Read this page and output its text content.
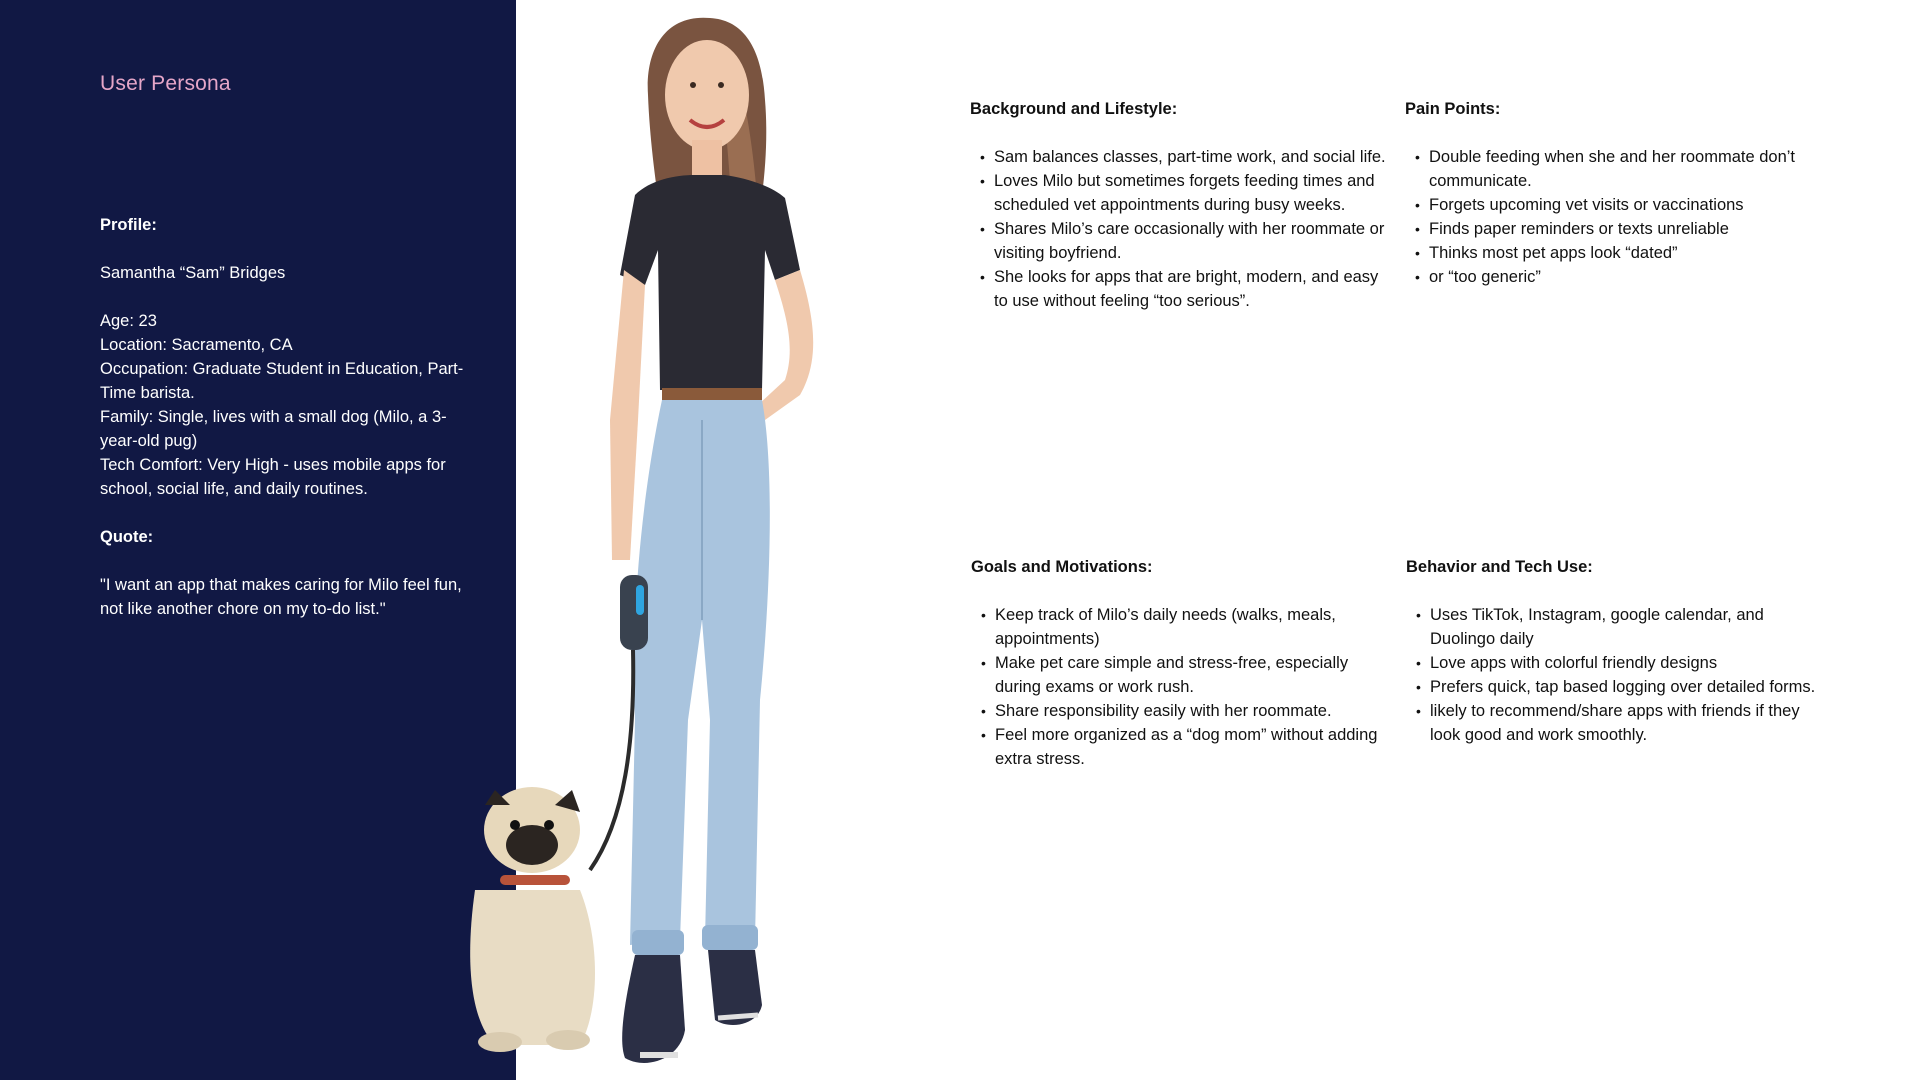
User Persona

Profile:

Samantha “Sam” Bridges

Age: 23

Location: Sacramento, CA

Occupation: Graduate Student in Education, Part-Time barista.

Family: Single, lives with a small dog (Milo, a 3-year-old pug)

Tech Comfort: Very High - uses mobile apps for school, social life, and daily routines.

Quote:

"I want an app that makes caring for Milo feel fun, not like another chore on my to-do list."

Background and Lifestyle:

• Sam balances classes, part-time work, and social life.
• Loves Milo but sometimes forgets feeding times and scheduled vet appointments during busy weeks.
• Shares Milo’s care occasionally with her roommate or visiting boyfriend.
• She looks for apps that are bright, modern, and easy to use without feeling “too serious”.

Pain Points:

• Double feeding when she and her roommate don’t communicate.
• Forgets upcoming vet visits or vaccinations
• Finds paper reminders or texts unreliable
• Thinks most pet apps look “dated”
• or “too generic”

Goals and Motivations:

• Keep track of Milo’s daily needs (walks, meals, appointments)
• Make pet care simple and stress-free, especially during exams or work rush.
• Share responsibility easily with her roommate.
• Feel more organized as a “dog mom” without adding extra stress.

Behavior and Tech Use:

• Uses TikTok, Instagram, google calendar, and Duolingo daily
• Love apps with colorful friendly designs
• Prefers quick, tap based logging over detailed forms.
• likely to recommend/share apps with friends if they look good and work smoothly.
